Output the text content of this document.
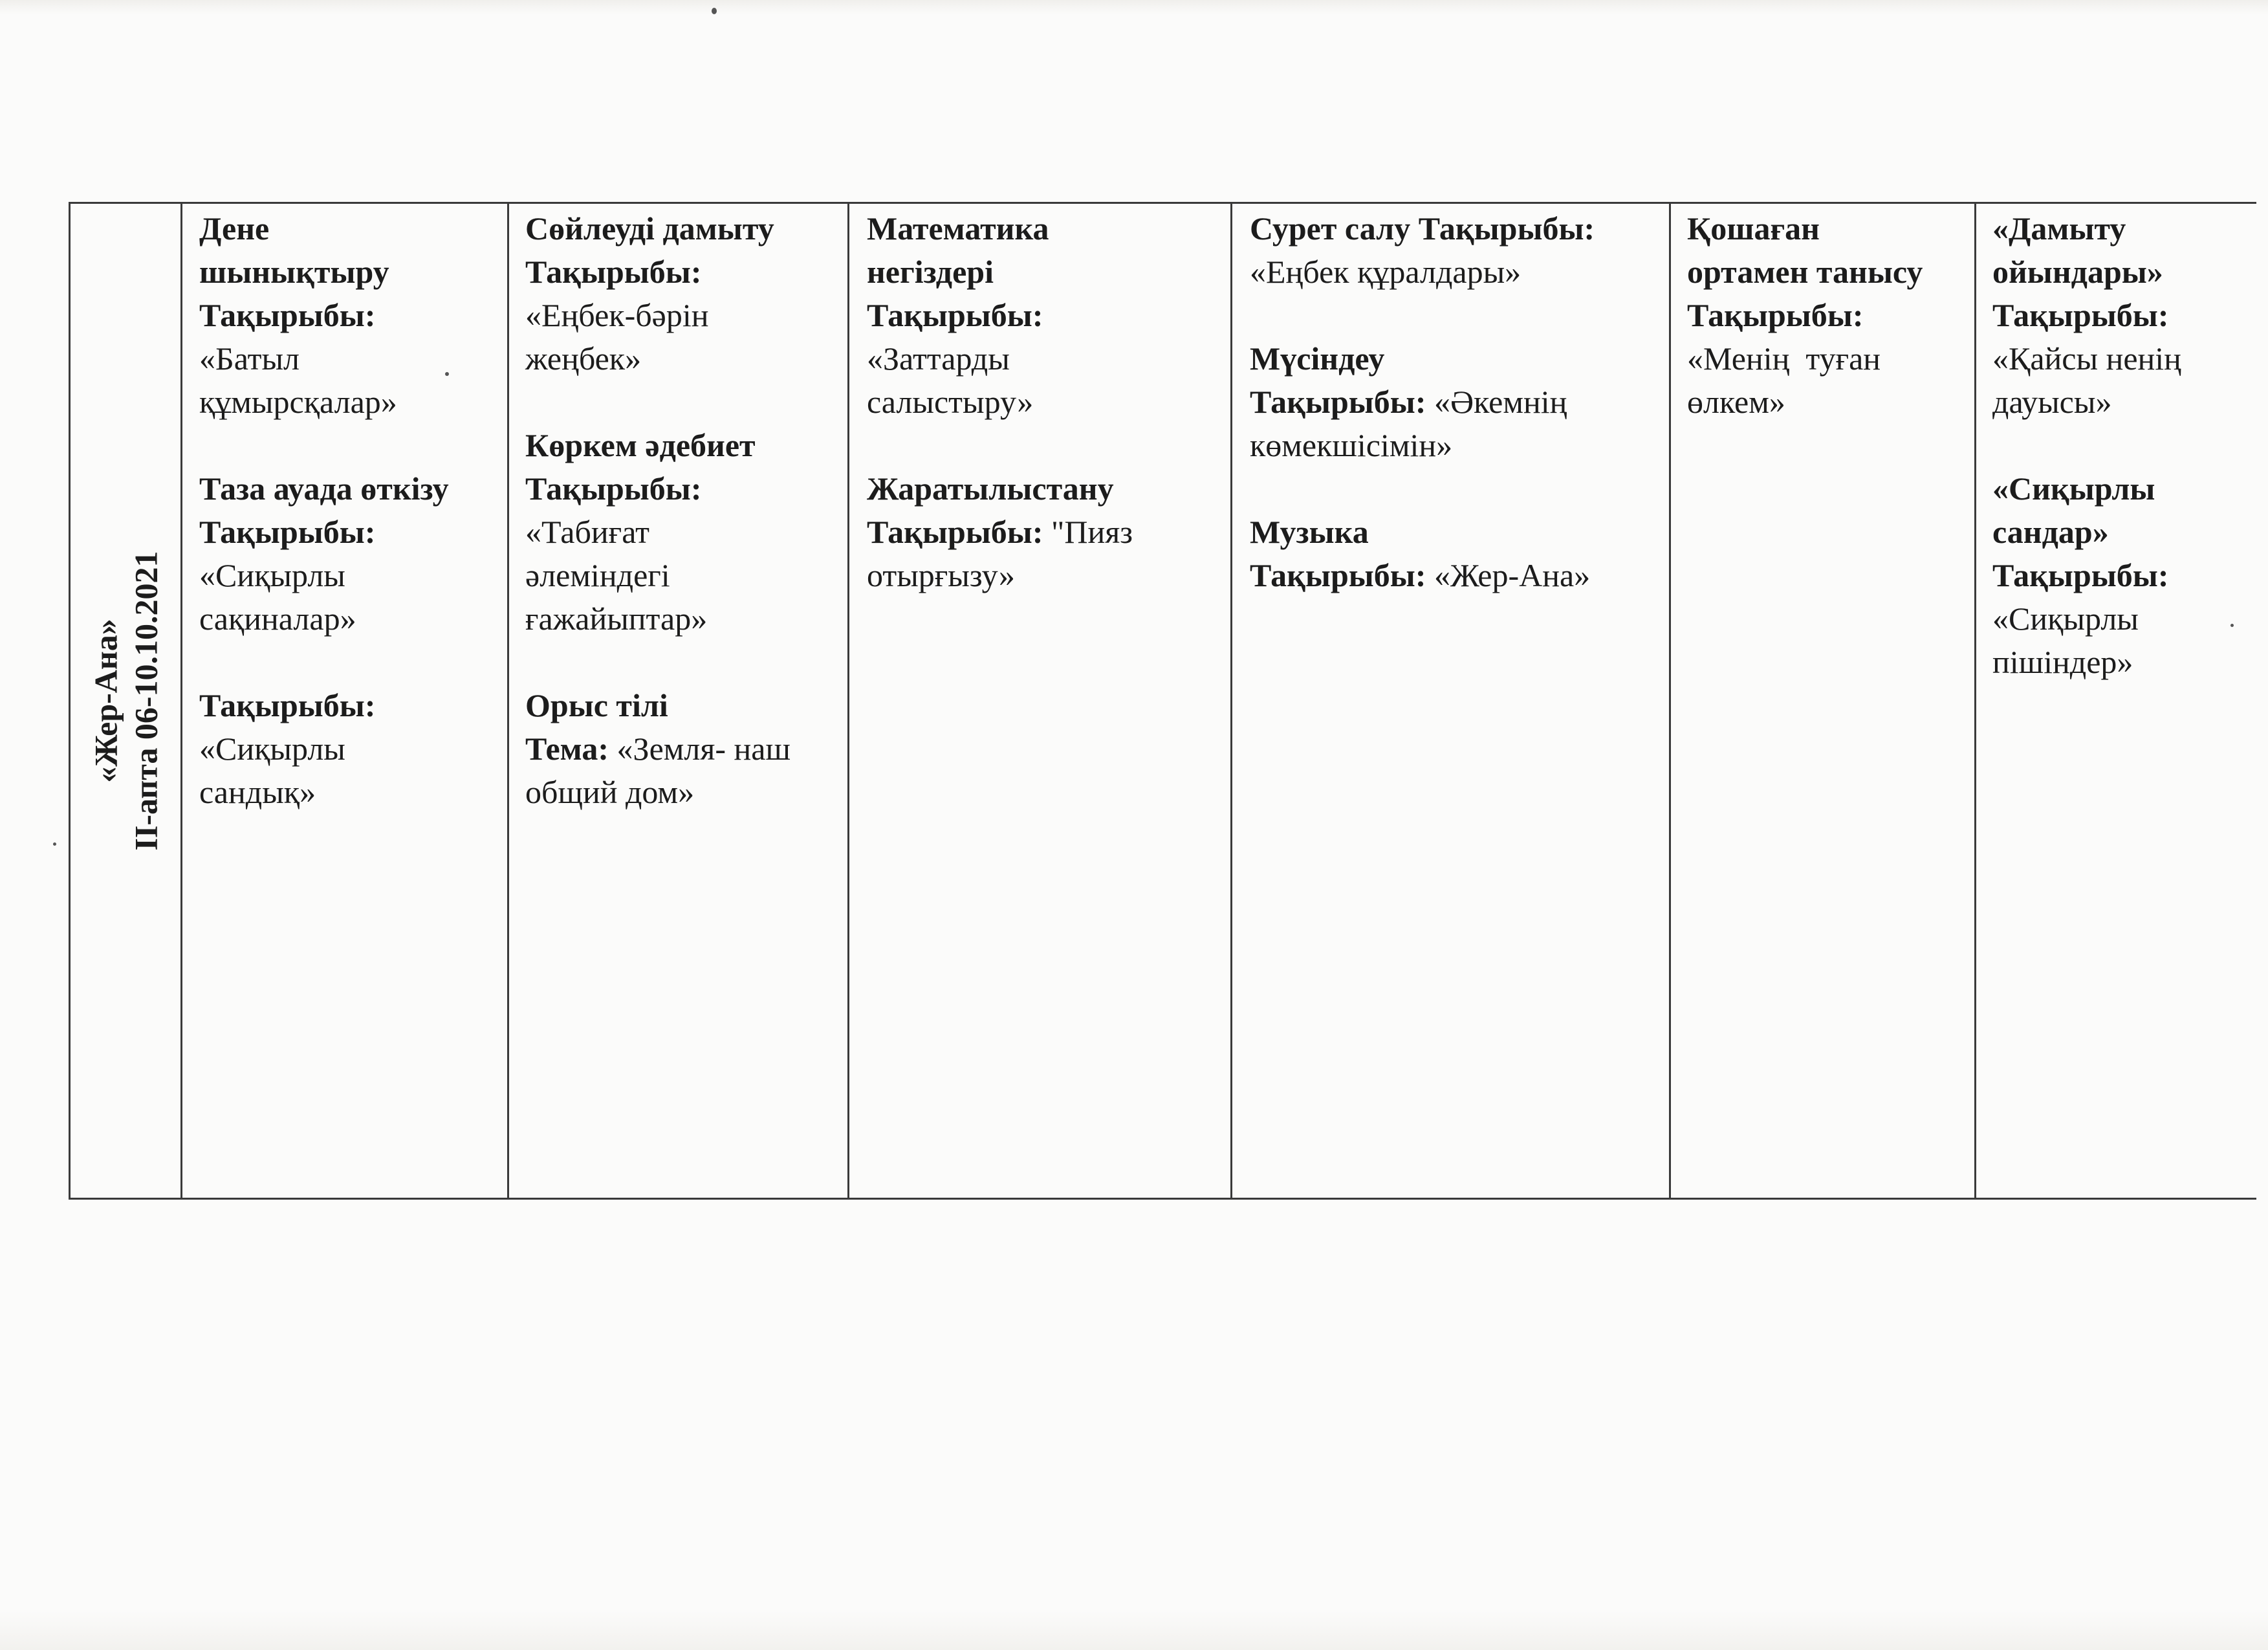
«Жер-Ана» ІІ-апта 06-10.10.2021
Дене
шынықтыру
Тақырыбы:
«Батыл
құмырсқалар»
Таза ауада өткізу
Тақырыбы:
«Сиқырлы
сақиналар»
Тақырыбы:
«Сиқырлы
сандық»
Сөйлеуді дамыту
Тақырыбы:
«Еңбек-бәрін
жеңбек»
Көркем әдебиет
Тақырыбы:
«Табиғат
әлеміндегі
ғажайыптар»
Орыс тілі
Тема: «Земля- наш
общий дом»
Математика
негіздері
Тақырыбы:
«Заттарды
салыстыру»
Жаратылыстану
Тақырыбы: "Пияз
отырғызу»
Сурет салу Тақырыбы:
«Еңбек құралдары»
Мүсіндеу
Тақырыбы: «Әкемнің
көмекшісімін»
Музыка
Тақырыбы: «Жер-Ана»
Қошаған
ортамен танысу
Тақырыбы:
«Менің  туған
өлкем»
«Дамыту
ойындары»
Тақырыбы:
«Қайсы ненің
дауысы»
«Сиқырлы
сандар»
Тақырыбы:
«Сиқырлы
пішіндер»
